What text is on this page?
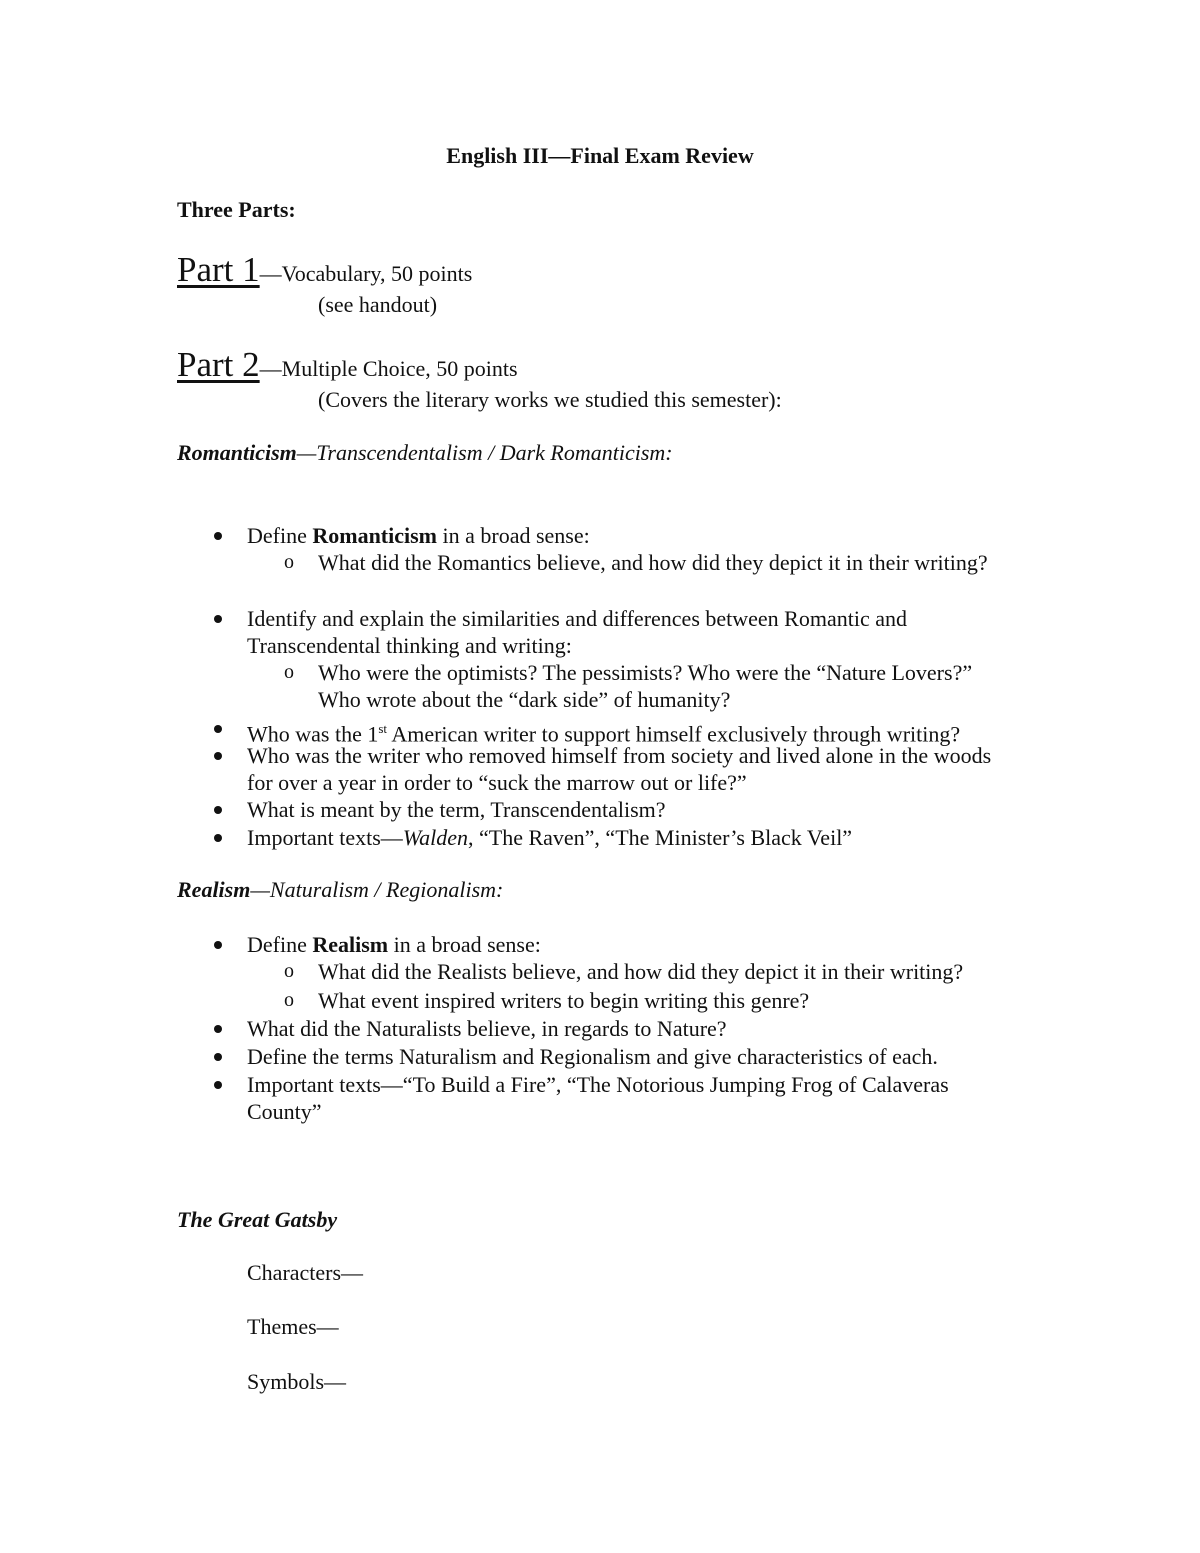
English III—Final Exam Review
Three Parts:
Part 1—Vocabulary, 50 points
(see handout)
Part 2—Multiple Choice, 50 points
(Covers the literary works we studied this semester):
Romanticism—Transcendentalism / Dark Romanticism:
Define Romanticism in a broad sense:
o What did the Romantics believe, and how did they depict it in their writing?
Identify and explain the similarities and differences between Romantic and Transcendental thinking and writing:
o Who were the optimists? The pessimists? Who were the “Nature Lovers?” Who wrote about the “dark side” of humanity?
Who was the 1st American writer to support himself exclusively through writing?
Who was the writer who removed himself from society and lived alone in the woods for over a year in order to “suck the marrow out or life?”
What is meant by the term, Transcendentalism?
Important texts—Walden, “The Raven”, “The Minister’s Black Veil”
Realism—Naturalism / Regionalism:
Define Realism in a broad sense:
o What did the Realists believe, and how did they depict it in their writing?
o What event inspired writers to begin writing this genre?
What did the Naturalists believe, in regards to Nature?
Define the terms Naturalism and Regionalism and give characteristics of each.
Important texts—“To Build a Fire”, “The Notorious Jumping Frog of Calaveras County”
The Great Gatsby
Characters—
Themes—
Symbols—
